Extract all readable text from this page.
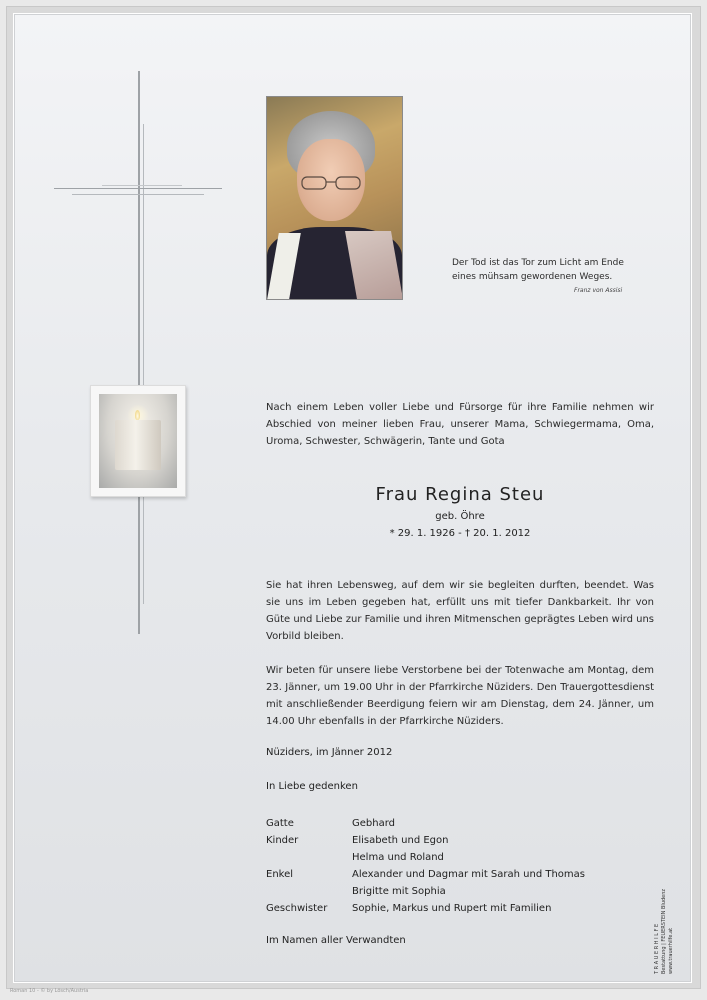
Der Tod ist das Tor zum Licht am Ende
eines mühsam gewordenen Weges.
Franz von Assisi
Nach einem Leben voller Liebe und Fürsorge für ihre Familie nehmen wir Abschied von meiner lieben Frau, unserer Mama, Schwiegermama, Oma, Uroma, Schwester, Schwägerin, Tante und Gota
Frau Regina Steu
geb. Öhre
* 29. 1. 1926 - † 20. 1. 2012
Sie hat ihren Lebensweg, auf dem wir sie begleiten durften, beendet. Was sie uns im Leben gegeben hat, erfüllt uns mit tiefer Dankbarkeit. Ihr von Güte und Liebe zur Familie und ihren Mitmenschen geprägtes Leben wird uns Vorbild bleiben.
Wir beten für unsere liebe Verstorbene bei der Totenwache am Montag, dem 23. Jänner, um 19.00 Uhr in der Pfarrkirche Nüziders. Den Trauergottesdienst mit anschließender Beerdigung feiern wir am Dienstag, dem 24. Jänner, um 14.00 Uhr ebenfalls in der Pfarrkirche Nüziders.
Nüziders, im Jänner 2012
In Liebe gedenken
Gatte	Gebhard
Kinder	Elisabeth und Egon
Helma und Roland
Enkel	Alexander und Dagmar mit Sarah und Thomas
Brigitte mit Sophia
Geschwister	Sophie, Markus und Rupert mit Familien
Im Namen aller Verwandten	T R A U E R H I L F E Bestattung | FEUERSTEIN Bludenz www.trauerhilfe.at
Roman 10 - © by Lösch/Austria
